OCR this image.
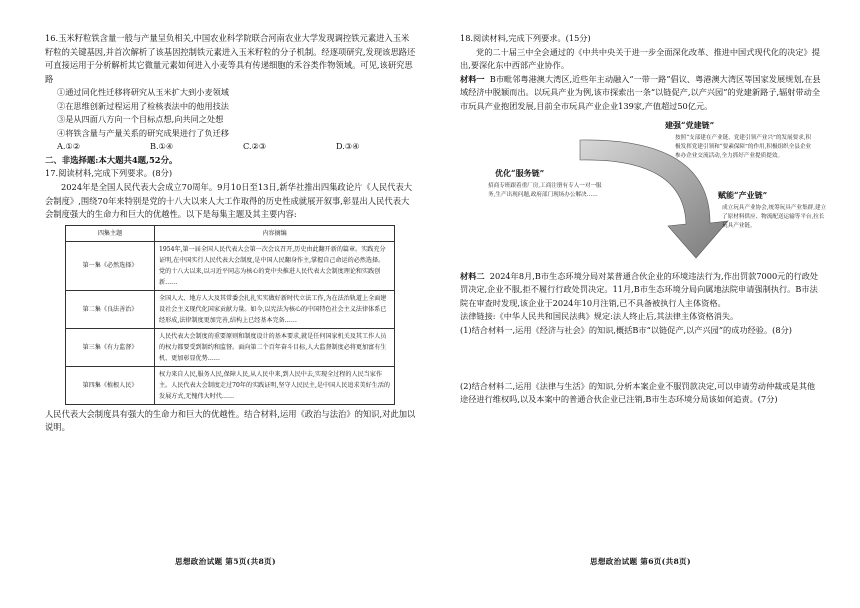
16.玉米籽粒铁含量一般与产量呈负相关,中国农业科学院联合河南农业大学发现调控铁元素进入玉米籽粒的关键基因,并首次解析了该基因控制铁元素进入玉米籽粒的分子机制。经逐项研究,发现该思路还可直接运用于分析解析其它微量元素如何进入小麦等具有传递细胞的禾谷类作物领域。可见,该研究思路

①通过同化性迁移将研究从玉米扩大到小麦领域

②在思维创新过程运用了检核表法中的他用技法

③是从四面八方向一个目标点想,向共同之处想

④将铁含量与产量关系的研究成果进行了负迁移

A.①②	B.①④	C.②③	D.③④

二、非选择题:本大题共4题,52分。

17.阅读材料,完成下列要求。(8分)

2024年是全国人民代表大会成立70周年。9月10日至13日,新华社推出四集政论片《人民代表大会制度》,围绕70年来特别是党的十八大以来人大工作取得的历史性成就展开叙事,彰显出人民代表大会制度强大的生命力和巨大的优越性。以下是每集主题及其主要内容:

四集主题	内容摘编
第一集《必然选择》	1954年,第一届全国人民代表大会第一次会议召开,历史由此翻开新的篇章。实践充分证明,在中国实行人民代表大会制度,是中国人民翻身作主,掌握自己命运的必然选择。党的十八大以来,以习近平同志为核心的党中央推进人民代表大会制度理论和实践创新……
第二集《良法善治》	全国人大、地方人大及其常委会扎扎实实做好新时代立法工作,为在法治轨道上全面建设社会主义现代化国家贡献力量。如今,以宪法为核心的中国特色社会主义法律体系已经形成,法律制度更加完善,结构上已经基本完备……
第三集《有力监督》	人民代表大会制度的重要原则和制度设计的基本要求,就是任何国家机关及其工作人员的权力都要受到制约和监督。面向第二个百年奋斗目标,人大监督制度必将更加富有生机、更加彰显优势……
第四集《植根人民》	权力来自人民,服务人民,保障人民,从人民中来,到人民中去,实现全过程的人民当家作主。人民代表大会制度走过70年的实践证明,坚守人民民主,是中国人民追求美好生活的发展方式,无愧伟大时代……

人民代表大会制度具有强大的生命力和巨大的优越性。结合材料,运用《政治与法治》的知识,对此加以说明。

思想政治试题 第5页(共8页)

18.阅读材料,完成下列要求。(15分)

党的二十届三中全会通过的《中共中央关于进一步全面深化改革、推进中国式现代化的决定》提出,要深化东中西部产业协作。

材料一 B市毗邻粤港澳大湾区,近些年主动融入“一带一路”倡议、粤港澳大湾区等国家发展规划,在县域经济中脱颖而出。以玩具产业为例,该市探索出一条“以链促产,以产兴园”的党建新路子,辐射带动全市玩具产业抱团发展,目前全市玩具产业企业139家,产值超过50亿元。

建强“党建链”
按照“支部建在产业链、党建引领产业兴”的发展要求,积极发挥党建引领和“要素保障”的作用,积极组织全县企业参办企业交流活动,全力抓好产业提质提效。
优化“服务链”
招商专班跟着重厂房,工商注册有专人一对一服务,生产出现问题,政府部门现场办公解决……	赋能“产业链”
成立玩具产业协会,统筹玩具产业集群,建立了原材料供应、物流配送运输等平台,拉长玩具产业链。

材料二 2024年8月,B市生态环境分局对某普通合伙企业的环境违法行为,作出罚款7000元的行政处罚决定,企业不服,拒不履行行政处罚决定。11月,B市生态环境分局向属地法院申请强制执行。B市法院在审查时发现,该企业于2024年10月注销,已不具备被执行人主体资格。

法律链接:《中华人民共和国民法典》规定:法人终止后,其法律主体资格消失。

(1)结合材料一,运用《经济与社会》的知识,概括B市“以链促产,以产兴园”的成功经验。(8分)

(2)结合材料二,运用《法律与生活》的知识,分析本案企业不服罚款决定,可以申请劳动仲裁或是其他途径进行维权吗,以及本案中的普通合伙企业已注销,B市生态环境分局该如何追责。(7分)

思想政治试题 第6页(共8页)
